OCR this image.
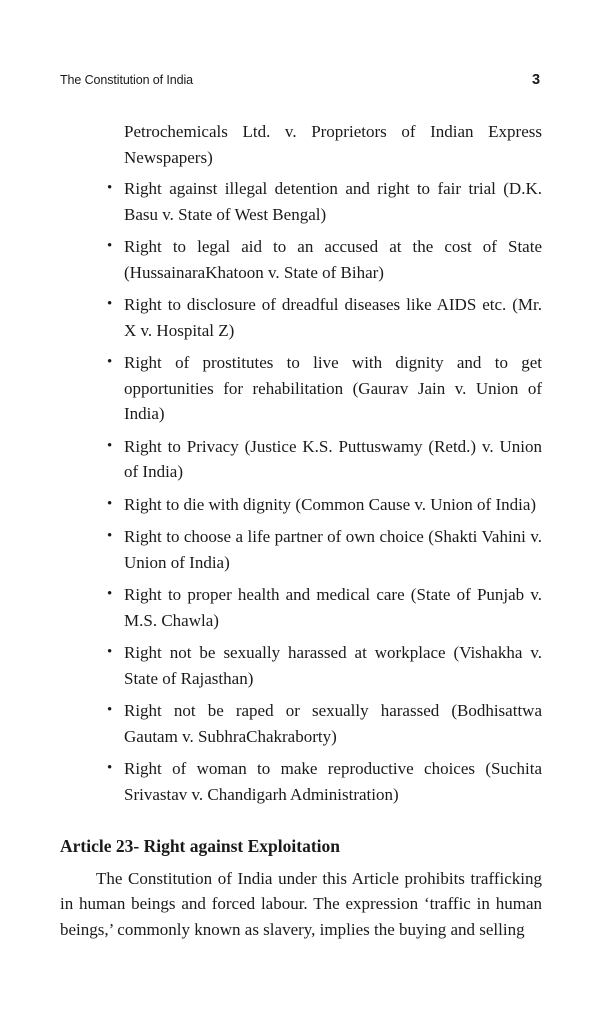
The Constitution of India	3

Petrochemicals Ltd. v. Proprietors of Indian Express Newspapers)

• Right against illegal detention and right to fair trial (D.K. Basu v. State of West Bengal)
• Right to legal aid to an accused at the cost of State (HussainaraKhatoon v. State of Bihar)
• Right to disclosure of dreadful diseases like AIDS etc. (Mr. X v. Hospital Z)
• Right of prostitutes to live with dignity and to get opportunities for rehabilitation (Gaurav Jain v. Union of India)
• Right to Privacy (Justice K.S. Puttuswamy (Retd.) v. Union of India)
• Right to die with dignity (Common Cause v. Union of India)
• Right to choose a life partner of own choice (Shakti Vahini v. Union of India)
• Right to proper health and medical care (State of Punjab v. M.S. Chawla)
• Right not be sexually harassed at workplace (Vishakha v. State of Rajasthan)
• Right not be raped or sexually harassed (Bodhisattwa Gautam v. SubhraChakraborty)
• Right of woman to make reproductive choices (Suchita Srivastav v. Chandigarh Administration)
Article 23- Right against Exploitation

The Constitution of India under this Article prohibits trafficking in human beings and forced labour. The expression ‘traffic in human beings,’ commonly known as slavery, implies the buying and selling
